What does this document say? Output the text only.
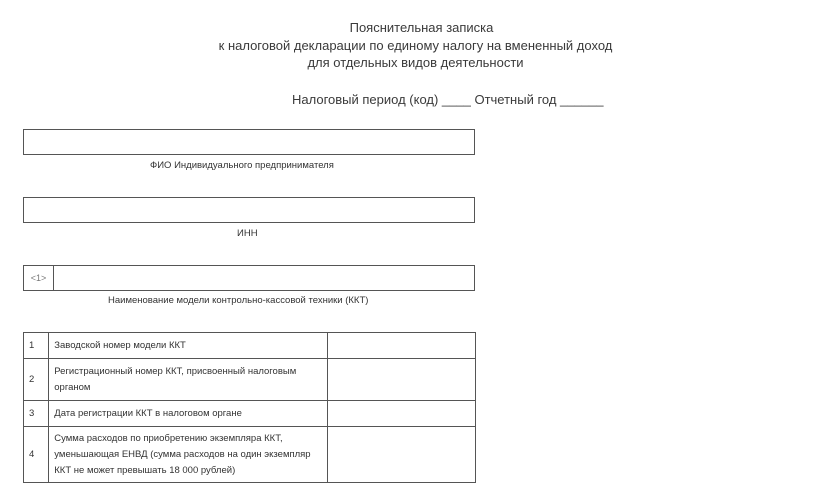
Пояснительная записка
к налоговой декларации по единому налогу на вмененный доход
для отдельных видов деятельности
Налоговый период (код) ____ Отчетный год ______
ФИО Индивидуального предпринимателя
ИНН
<1>
Наименование модели контрольно-кассовой техники (ККТ)
1	Заводской номер модели ККТ	
2	Регистрационный номер ККТ, присвоенный налоговым органом	
3	Дата регистрации ККТ в налоговом органе	
4	Сумма расходов по приобретению экземпляра ККТ, уменьшающая ЕНВД (сумма расходов на один экземпляр ККТ не может превышать 18 000 рублей)	
